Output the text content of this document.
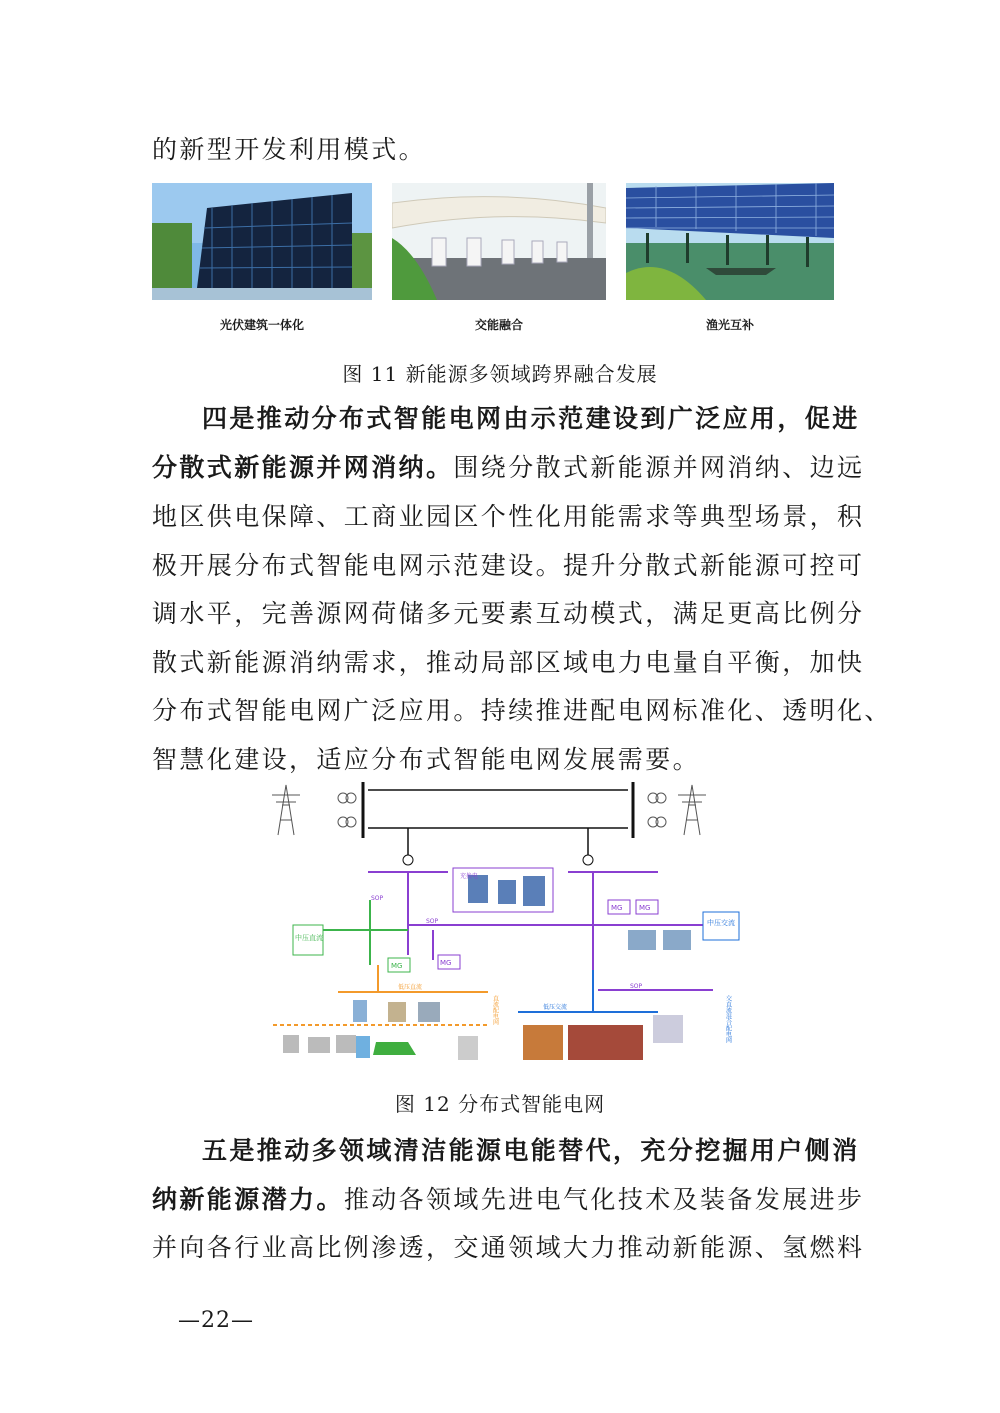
的新型开发利用模式。
光伏建筑一体化	交能融合	渔光互补
图 11 新能源多领域跨界融合发展
四是推动分布式智能电网由示范建设到广泛应用，促进
分散式新能源并网消纳。围绕分散式新能源并网消纳、边远
地区供电保障、工商业园区个性化用能需求等典型场景，积
极开展分布式智能电网示范建设。提升分散式新能源可控可
调水平，完善源网荷储多元要素互动模式，满足更高比例分
散式新能源消纳需求，推动局部区域电力电量自平衡，加快
分布式智能电网广泛应用。持续推进配电网标准化、透明化、
智慧化建设，适应分布式智能电网发展需要。
中压直流
中压交流
MG
MG
MG MG
SOP
SOP
SOP
低压直流
低压交流
充换电
交直流混合配电网
直流配电网
图 12 分布式智能电网
五是推动多领域清洁能源电能替代，充分挖掘用户侧消
纳新能源潜力。推动各领域先进电气化技术及装备发展进步
并向各行业高比例渗透，交通领域大力推动新能源、氢燃料
—22—
